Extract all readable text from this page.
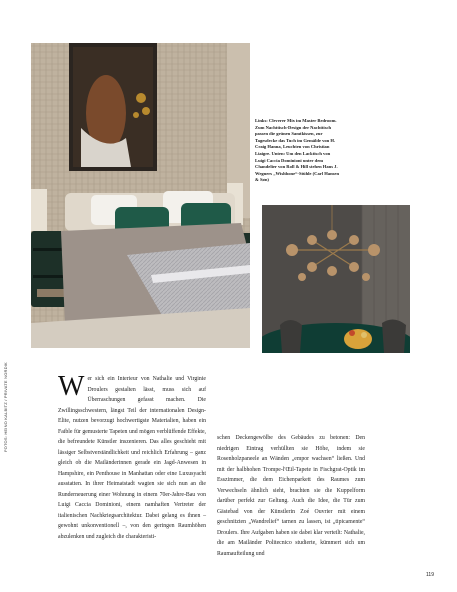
Links: Cleverer Mix im Master Bedroom. Zum Nachttisch-Design der Nachttisch passen die grünen Samtkissen, zur Tagesdecke das Tuch im Gemälde von H. Craig Hanna, Leuchten von Christian Liaigre. Unten: Um den Lacktisch von Luigi Caccia Dominioni unter dem Chandelier von Roll & Hill stehen Hans J. Wegners „Wishbone“-Stühle (Carl Hansen & Søn)
FOTOS: HEINO KALBITZ / PRIVATE NORDIK Wer sich ein Interieur von Nathalie und Virginie Droulers gestalten lässt, muss sich auf Überraschungen gefasst machen. Die Zwillingsschwestern, längst Teil der internationalen Design-Elite, nutzen bevorzugt hochwertigste Materialien, haben ein Faible für gemusterte Tapeten und mögen verblüffende Effekte, die befreundete Künstler inszenieren. Das alles geschieht mit lässiger Selbstverständlichkeit und reichlich Erfahrung – ganz gleich ob die Mailänderinnen gerade ein Jagd-Anwesen in Hampshire, ein Penthouse in Manhattan oder eine Luxusyacht ausstatten. In ihrer Heimatstadt wagten sie sich nun an die Runderneuerung einer Wohnung in einem 70er-Jahre-Bau von Luigi Caccia Dominioni, einem namhaften Vertreter der italienischen Nachkriegsarchitektur. Dabei gelang es ihnen – gewohnt unkonventionell –, von den geringen Raumhöhen abzulenken und zugleich die charakteristi-
schen Deckengewölbe des Gebäudes zu betonen: Den niedrigen Eintrag verhüllten sie Höhe, indem sie Rosenholzpaneele an Wänden „empor wachsen“ ließen. Und mit der halbhohen Trompe-l'Œil-Tapete in Fischgrat-Optik im Esszimmer, die dem Eichenparkett des Raumes zum Verwechseln ähnlich sieht, brachten sie die Kuppelform darüber perfekt zur Geltung. Auch die Idee, die Tür zum Gästebad von der Künstlerin Zoé Ouvrier mit einem geschnitzten „Wandrelief“ tarnen zu lassen, ist „tipicamente“ Droulers. Ihre Aufgaben haben sie dabei klar verteilt: Nathalie, die am Mailänder Politecnico studierte, kümmert sich um Raumaufteilung und
119
